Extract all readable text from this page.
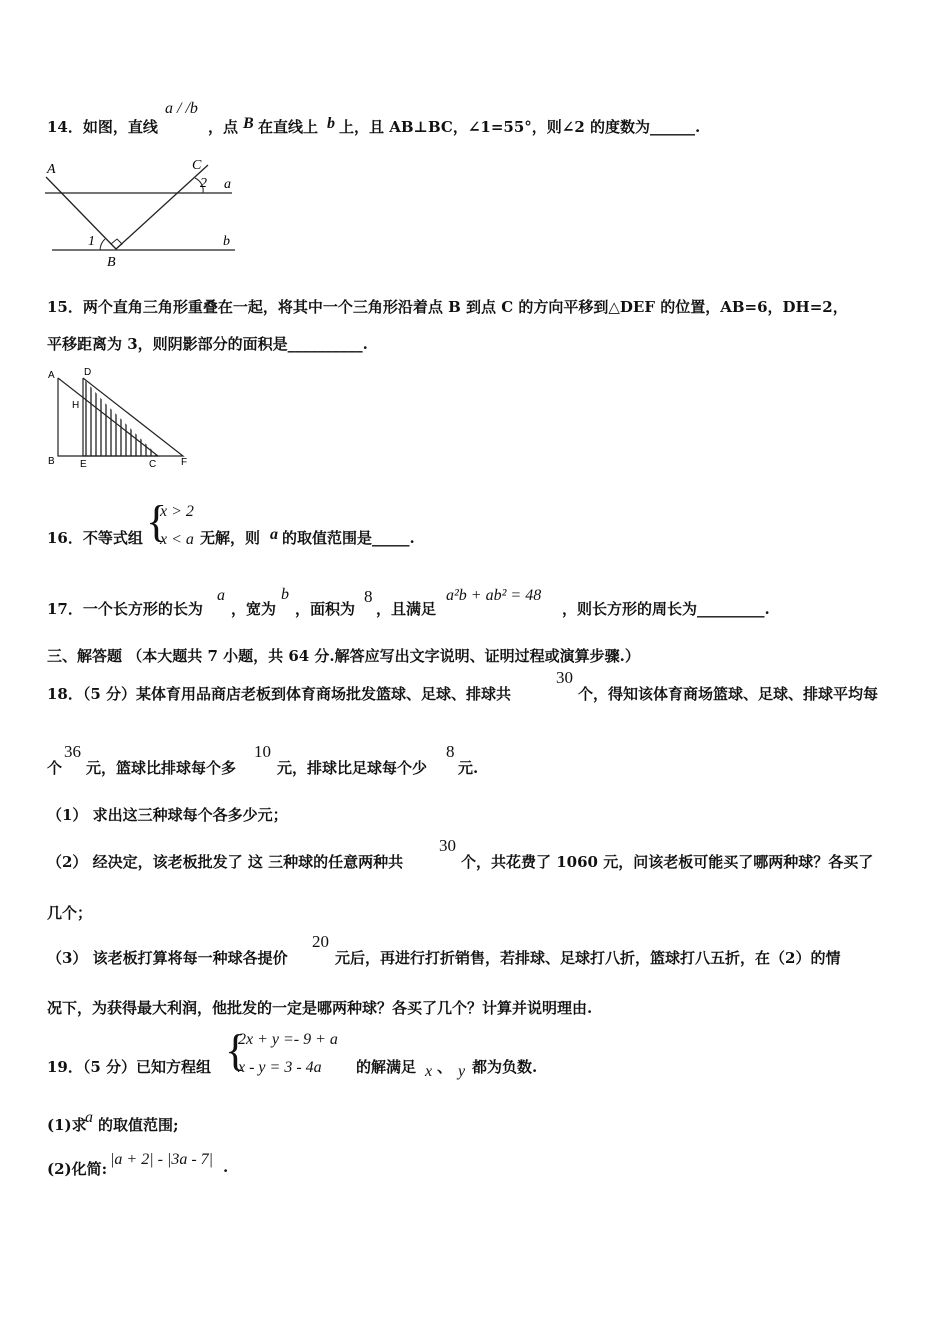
14．如图，直线
a / /b
，点 B 在直线上 b 上，且 AB⊥BC，∠1=55°，则∠2 的度数为______.
A	C
2 a
1
B
b
15．两个直角三角形重叠在一起，将其中一个三角形沿着点 B 到点 C 的方向平移到△DEF 的位置，AB=6，DH=2，
平移距离为 3，则阴影部分的面积是__________.
A	D
H
B	E	C F
16．不等式组 {
x > 2
x < a 无解，则 a 的取值范围是_____.
17．一个长方形的长为
a
，宽为
b
，面积为
8
，且满足
a²b + ab² = 48
，则长方形的周长为_________.
三、解答题 （本大题共 7 小题，共 64 分.解答应写出文字说明、证明过程或演算步骤.）
18．（5 分）某体育用品商店老板到体育商场批发篮球、足球、排球共
30
个，得知该体育商场篮球、足球、排球平均每
个
36
元，篮球比排球每个多
10
元，排球比足球每个少
8
元.
（1） 求出这三种球每个各多少元；
（2） 经决定，该老板批发了 这 三种球的任意两种共
30
个，共花费了 1060 元，问该老板可能买了哪两种球？各买了
几个；
（3） 该老板打算将每一种球各提价
20
元后，再进行打折销售，若排球、足球打八折，篮球打八五折，在（2）的情
况下，为获得最大利润，他批发的一定是哪两种球？各买了几个？计算并说明理由.
19．（5 分）已知方程组 {
2x + y =- 9 + a
x - y = 3 - 4a 的解满足 x 、 y 都为负数.
(1)求
a 的取值范围;
(2)化简:
|a + 2| - |3a - 7| .
